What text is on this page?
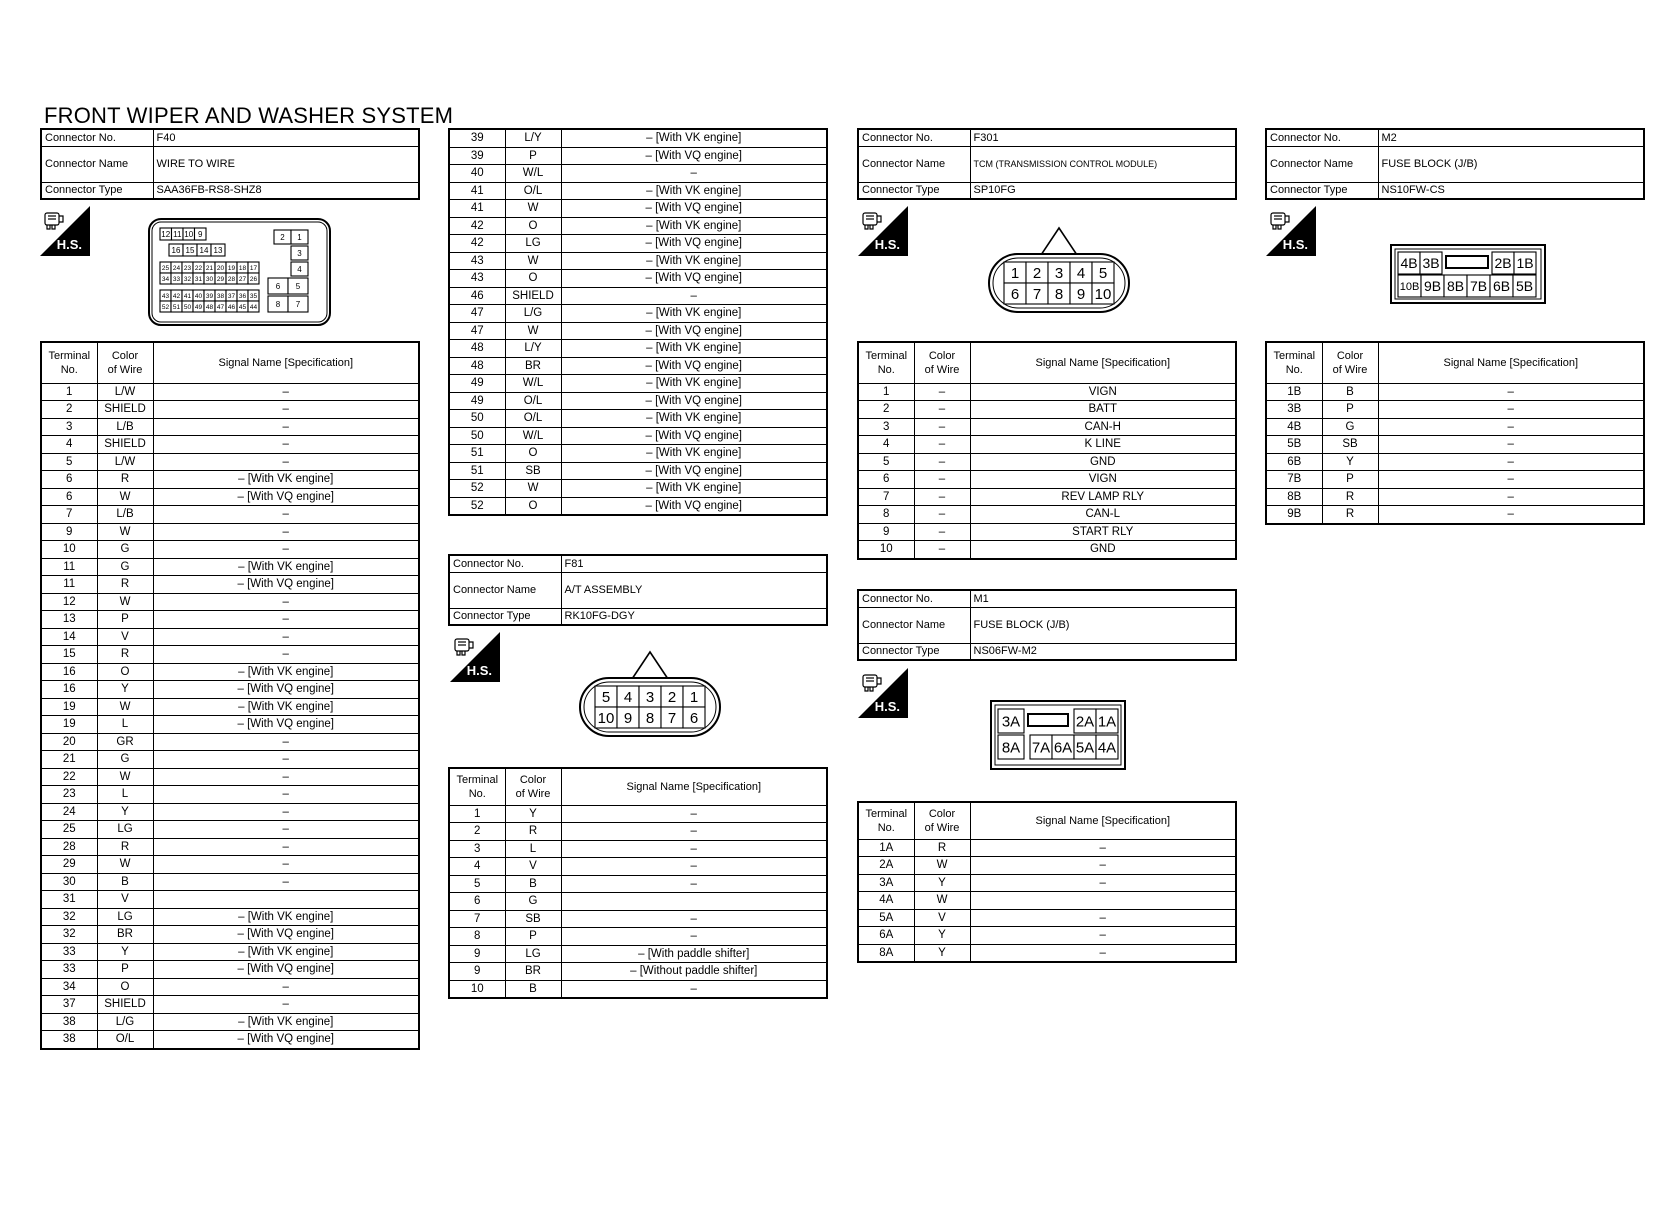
FRONT WIPER AND WASHER SYSTEM
Connector No.	F40
Connector Name	WIRE TO WIRE
Connector Type	SAA36FB-RS8-SHZ8
H.S.
12 11 10 9	2 1
16 15 14 13	3
4
25 24 23 22 21 20 19 18 17
34 33 32 31 30 29 28 27 26
6 5
43 42 41 40 39 38 37 36 35
52 51 50 49 48 47 46 45 44 8 7
Terminal
No.	Color
of Wire	Signal Name [Specification]
1	L/W	–
2	SHIELD	–
3	L/B	–
4	SHIELD	–
5	L/W	–
6	R	– [With VK engine]
6	W	– [With VQ engine]
7	L/B	–
9	W	–
10	G	–
11	G	– [With VK engine]
11	R	– [With VQ engine]
12	W	–
13	P	–
14	V	–
15	R	–
16	O	– [With VK engine]
16	Y	– [With VQ engine]
19	W	– [With VK engine]
19	L	– [With VQ engine]
20	GR	–
21	G	–
22	W	–
23	L	–
24	Y	–
25	LG	–
28	R	–
29	W	–
30	B	–
31	V	
32	LG	– [With VK engine]
32	BR	– [With VQ engine]
33	Y	– [With VK engine]
33	P	– [With VQ engine]
34	O	–
37	SHIELD	–
38	L/G	– [With VK engine]
38	O/L	– [With VQ engine]
39	L/Y	– [With VK engine]
39	P	– [With VQ engine]
40	W/L	–
41	O/L	– [With VK engine]
41	W	– [With VQ engine]
42	O	– [With VK engine]
42	LG	– [With VQ engine]
43	W	– [With VK engine]
43	O	– [With VQ engine]
46	SHIELD	–
47	L/G	– [With VK engine]
47	W	– [With VQ engine]
48	L/Y	– [With VK engine]
48	BR	– [With VQ engine]
49	W/L	– [With VK engine]
49	O/L	– [With VQ engine]
50	O/L	– [With VK engine]
50	W/L	– [With VQ engine]
51	O	– [With VK engine]
51	SB	– [With VQ engine]
52	W	– [With VK engine]
52	O	– [With VQ engine]
Connector No.	F81
Connector Name	A/T ASSEMBLY
Connector Type	RK10FG-DGY
H.S.
5 4 3 2 1
10 9 8 7 6
Terminal
No.	Color
of Wire	Signal Name [Specification]
1	Y	–
2	R	–
3	L	–
4	V	–
5	B	–
6	G	
7	SB	–
8	P	–
9	LG	– [With paddle shifter]
9	BR	– [Without paddle shifter]
10	B	–
Connector No.	F301
Connector Name	TCM (TRANSMISSION CONTROL MODULE)
Connector Type	SP10FG
H.S.
1 2 3 4 5
6 7 8 9 10
Terminal
No.	Color
of Wire	Signal Name [Specification]
1	–	VIGN
2	–	BATT
3	–	CAN-H
4	–	K LINE
5	–	GND
6	–	VIGN
7	–	REV LAMP RLY
8	–	CAN-L
9	–	START RLY
10	–	GND
Connector No.	M1
Connector Name	FUSE BLOCK (J/B)
Connector Type	NS06FW-M2
H.S.
3A	2A 1A
8A 7A 6A 5A 4A
Terminal
No.	Color
of Wire	Signal Name [Specification]
1A	R	–
2A	W	–
3A	Y	–
4A	W	
5A	V	–
6A	Y	–
8A	Y	–
Connector No.	M2
Connector Name	FUSE BLOCK (J/B)
Connector Type	NS10FW-CS
H.S.
4B 3B	2B 1B
10B 9B 8B 7B 6B 5B
Terminal
No.	Color
of Wire	Signal Name [Specification]
1B	B	–
3B	P	–
4B	G	–
5B	SB	–
6B	Y	–
7B	P	–
8B	R	–
9B	R	–
